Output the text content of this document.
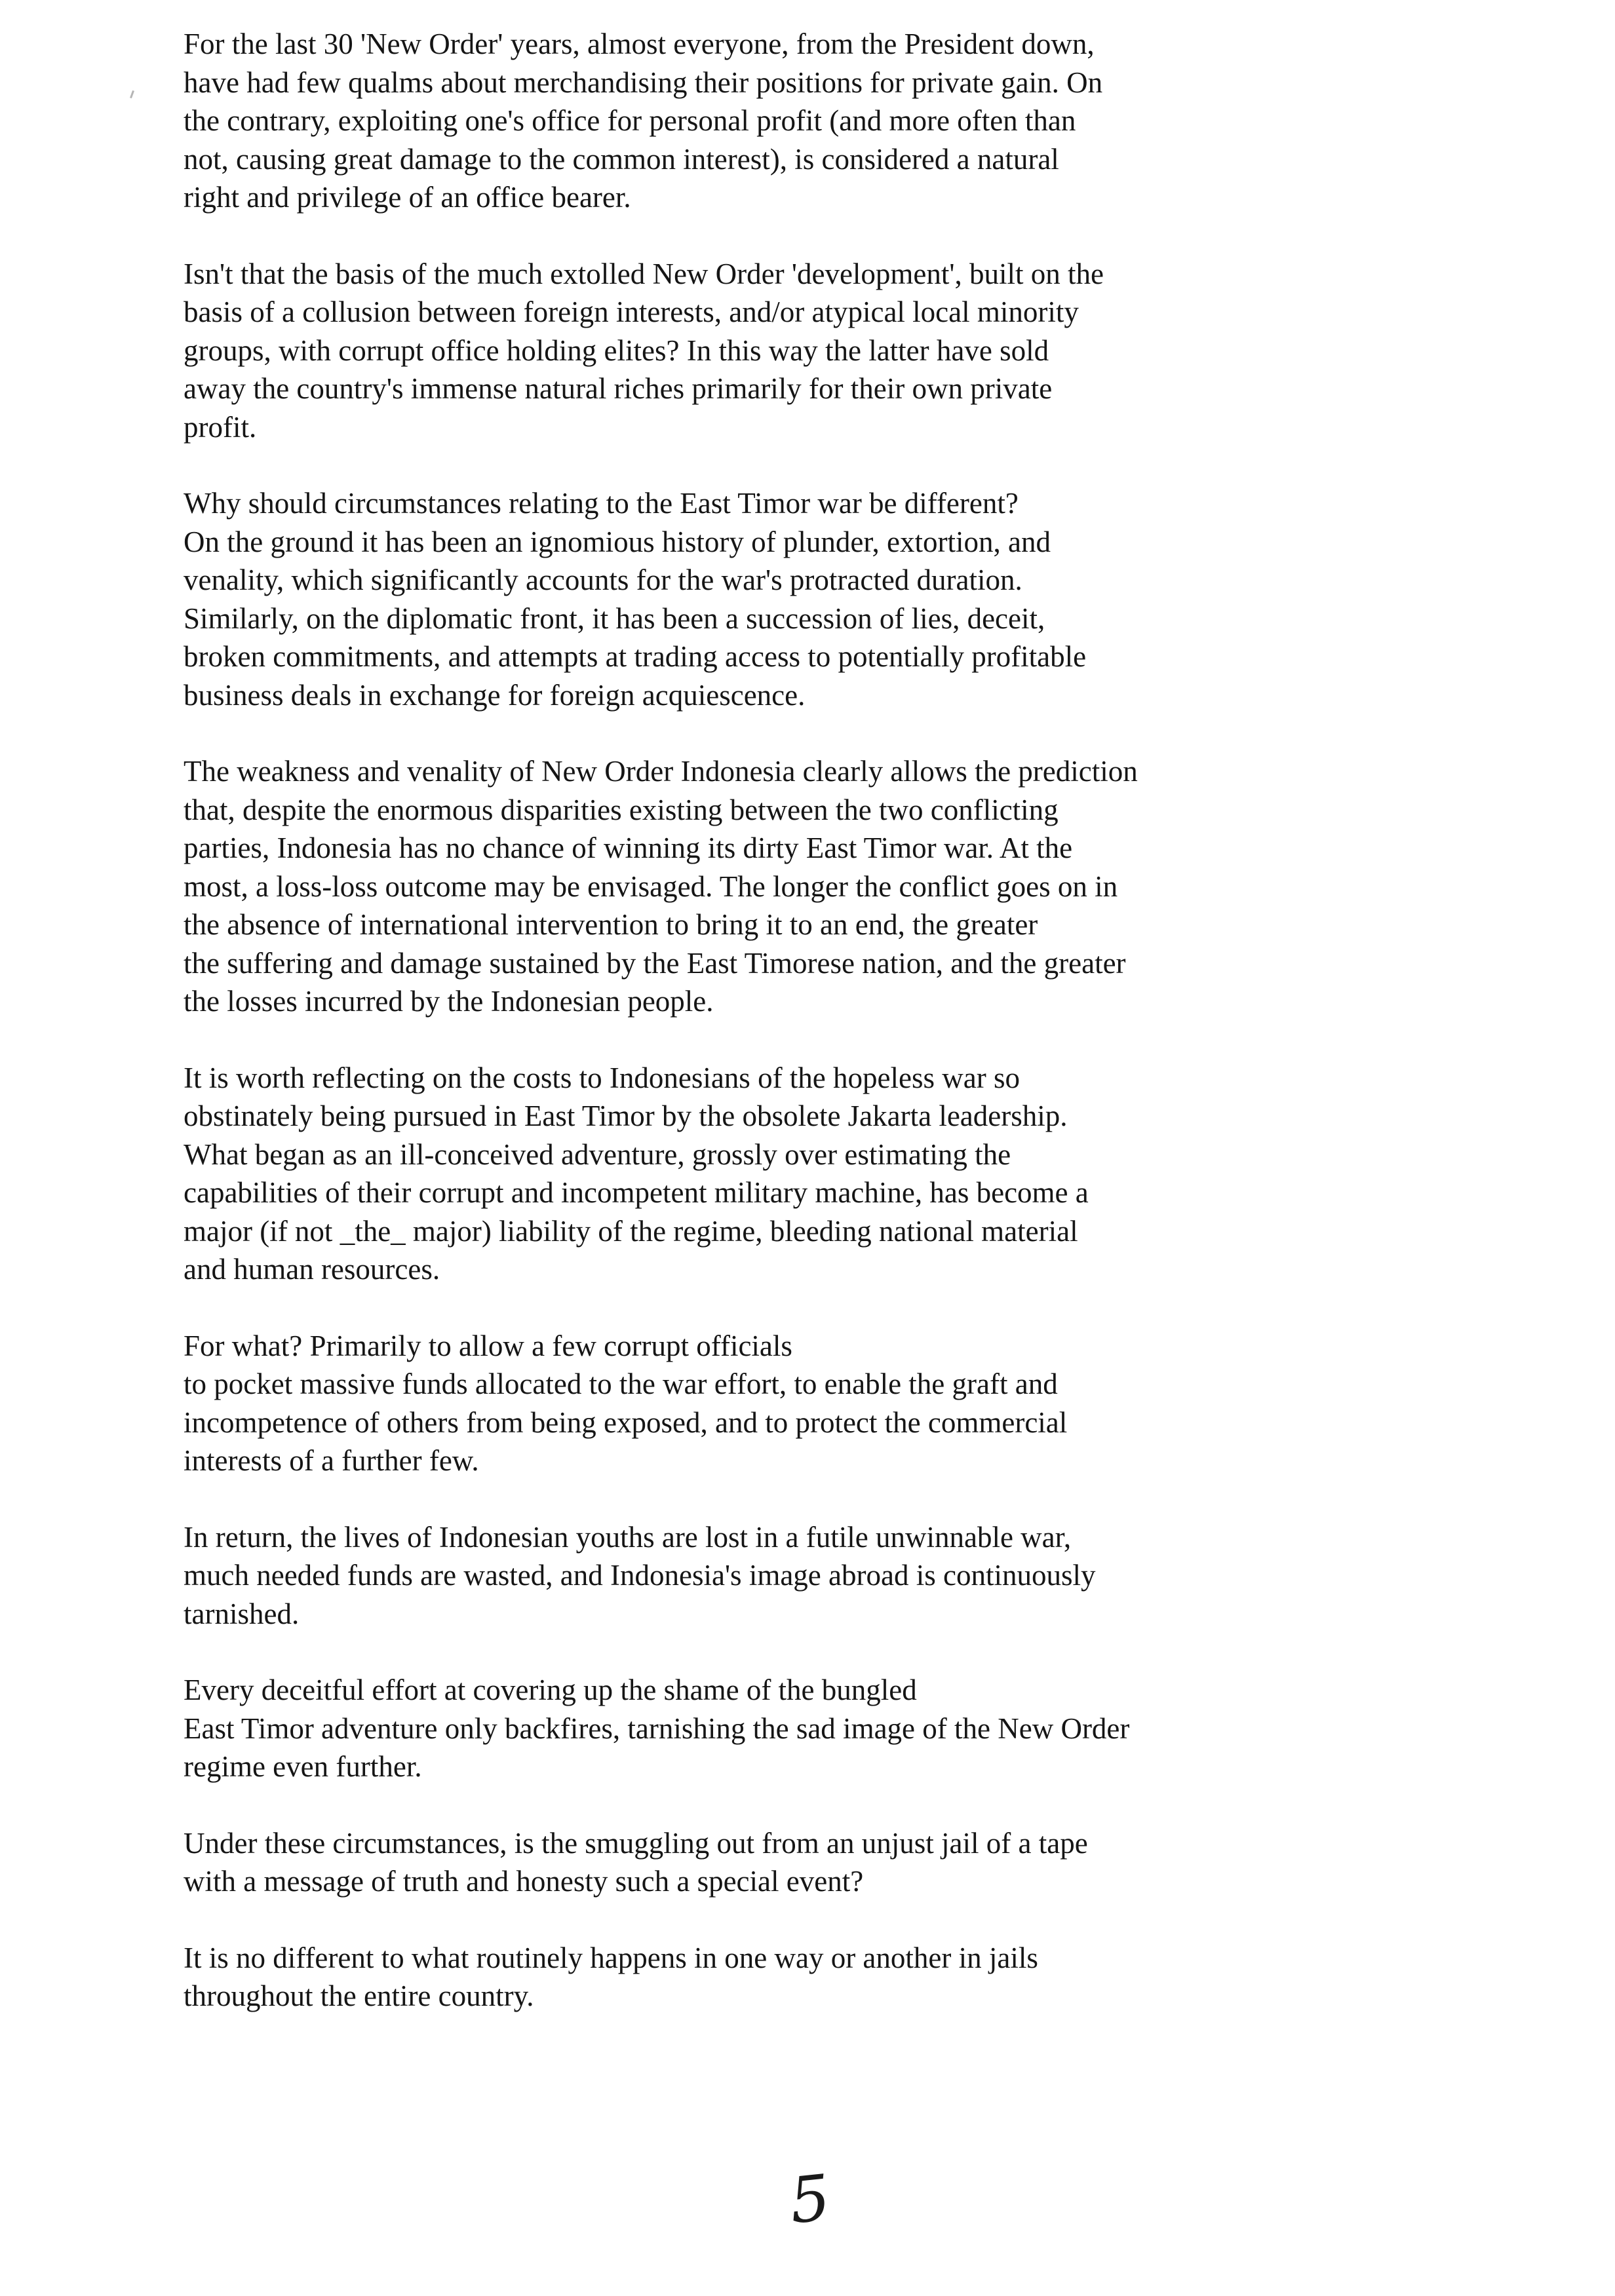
For the last 30 'New Order' years, almost everyone, from the President down,
have had few qualms about merchandising their positions for private gain. On
the contrary, exploiting one's office for personal profit (and more often than
not, causing great damage to the common interest), is considered a natural
right and privilege of an office bearer.
Isn't that the basis of the much extolled New Order 'development', built on the
basis of a collusion between foreign interests, and/or atypical local minority
groups, with corrupt office holding elites? In this way the latter have sold
away the country's immense natural riches primarily for their own private
profit.
Why should circumstances relating to the East Timor war be different?
On the ground it has been an ignomious history of plunder, extortion, and
venality, which significantly accounts for the war's protracted duration.
Similarly, on the diplomatic front, it has been a succession of lies, deceit,
broken commitments, and attempts at trading access to potentially profitable
business deals in exchange for foreign acquiescence.
The weakness and venality of New Order Indonesia clearly allows the prediction
that, despite the enormous disparities existing between the two conflicting
parties, Indonesia has no chance of winning its dirty East Timor war. At the
most, a loss-loss outcome may be envisaged. The longer the conflict goes on in
the absence of international intervention to bring it to an end, the greater
the suffering and damage sustained by the East Timorese nation, and the greater
the losses incurred by the Indonesian people.
It is worth reflecting on the costs to Indonesians of the hopeless war so
obstinately being pursued in East Timor by the obsolete Jakarta leadership.
What began as an ill-conceived adventure, grossly over estimating the
capabilities of their corrupt and incompetent military machine, has become a
major (if not _the_ major) liability of the regime, bleeding national material
and human resources.
For what? Primarily to allow a few corrupt officials
to pocket massive funds allocated to the war effort, to enable the graft and
incompetence of others from being exposed, and to protect the commercial
interests of a further few.
In return, the lives of Indonesian youths are lost in a futile unwinnable war,
much needed funds are wasted, and Indonesia's image abroad is continuously
tarnished.
Every deceitful effort at covering up the shame of the bungled
East Timor adventure only backfires, tarnishing the sad image of the New Order
regime even further.
Under these circumstances, is the smuggling out from an unjust jail of a tape
with a message of truth and honesty such a special event?
It is no different to what routinely happens in one way or another in jails
throughout the entire country.
5
